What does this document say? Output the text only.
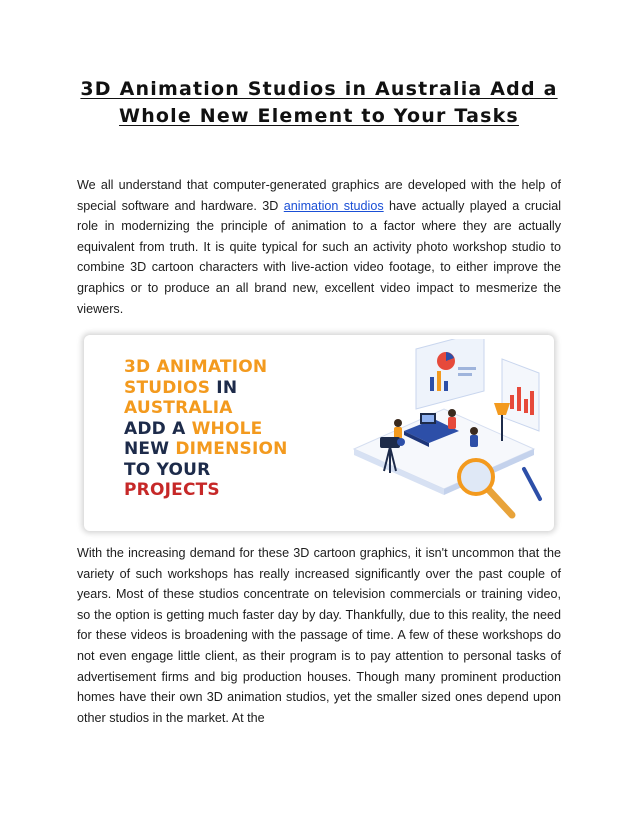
3D Animation Studios in Australia Add a Whole New Element to Your Tasks
We all understand that computer-generated graphics are developed with the help of special software and hardware. 3D animation studios have actually played a crucial role in modernizing the principle of animation to a factor where they are actually equivalent from truth. It is quite typical for such an activity photo workshop studio to combine 3D cartoon characters with live-action video footage, to either improve the graphics or to produce an all brand new, excellent video impact to mesmerize the viewers.
3D ANIMATION
STUDIOS IN
AUSTRALIA
ADD A WHOLE
NEW DIMENSION
TO YOUR
PROJECTS
With the increasing demand for these 3D cartoon graphics, it isn't uncommon that the variety of such workshops has really increased significantly over the past couple of years. Most of these studios concentrate on television commercials or training video, so the option is getting much faster day by day. Thankfully, due to this reality, the need for these videos is broadening with the passage of time. A few of these workshops do not even engage little client, as their program is to pay attention to personal tasks of advertisement firms and big production houses. Though many prominent production homes have their own 3D animation studios, yet the smaller sized ones depend upon other studios in the market. At the
